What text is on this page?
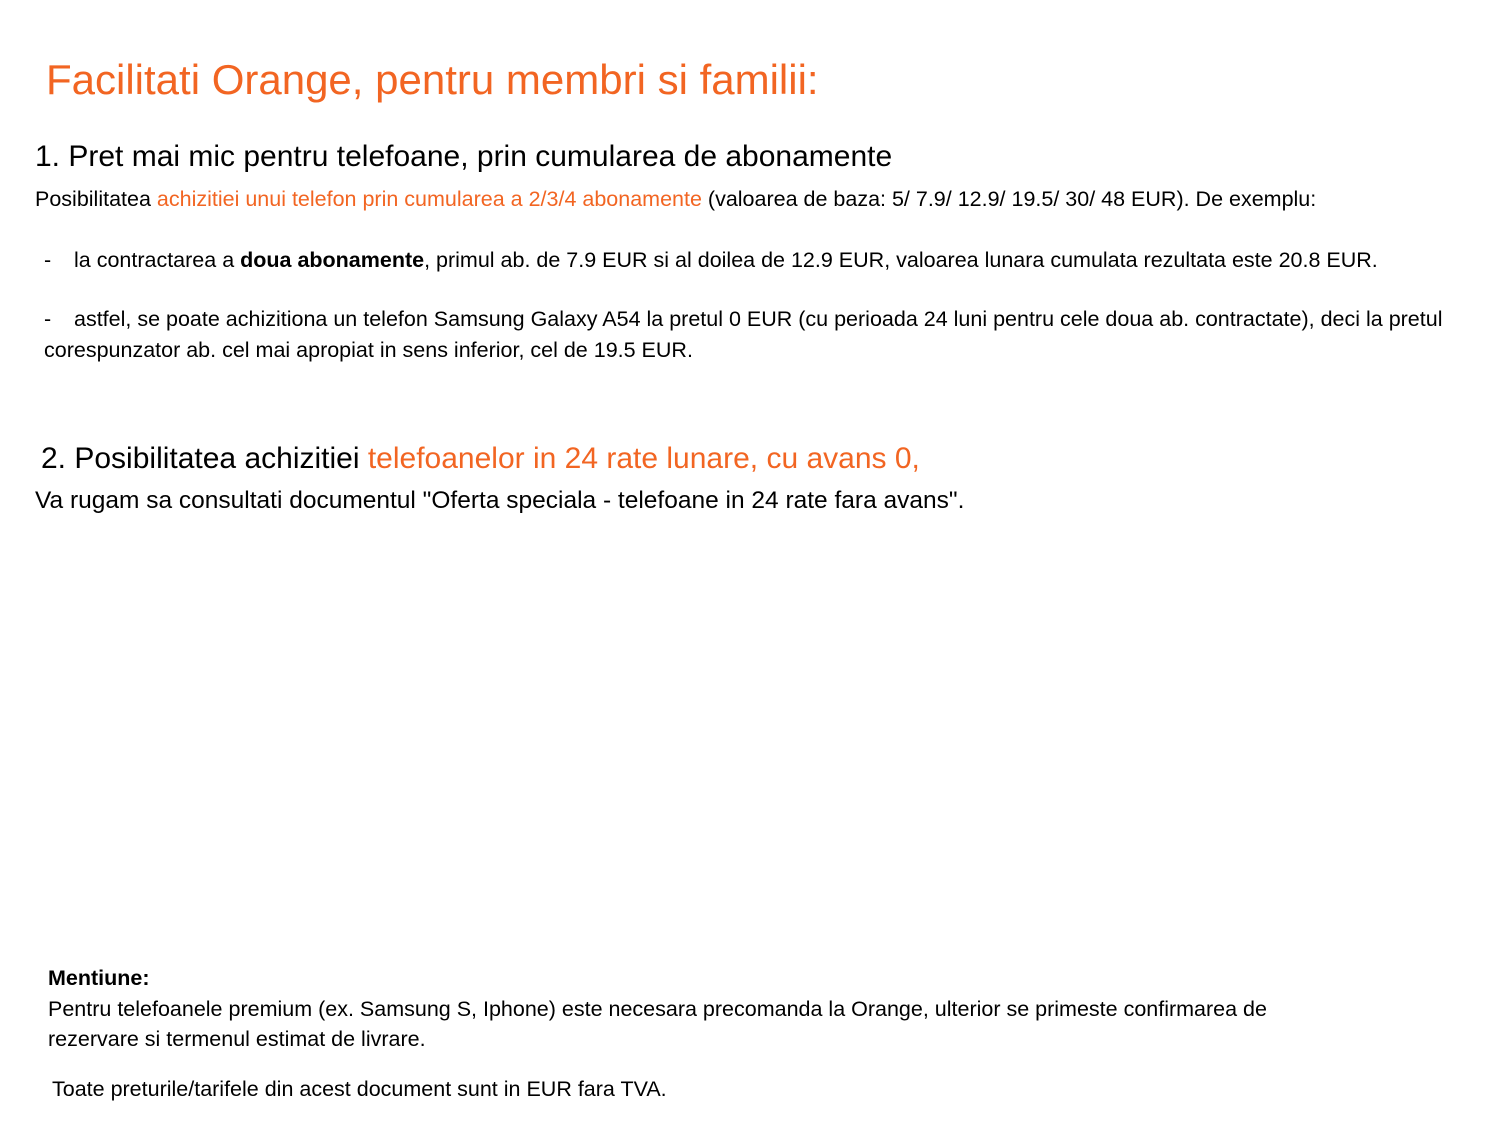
Facilitati Orange, pentru membri si familii:
1. Pret mai mic pentru telefoane, prin cumularea de abonamente
Posibilitatea achizitiei unui telefon prin cumularea a 2/3/4 abonamente (valoarea de baza: 5/ 7.9/ 12.9/ 19.5/ 30/ 48 EUR). De exemplu:
- la contractarea a doua abonamente, primul ab. de 7.9 EUR si al doilea de 12.9 EUR, valoarea lunara cumulata rezultata este 20.8 EUR.
- astfel, se poate achizitiona un telefon Samsung Galaxy A54 la pretul 0 EUR (cu perioada 24 luni pentru cele doua ab. contractate), deci la pretul corespunzator ab. cel mai apropiat in sens inferior, cel de 19.5 EUR.
2. Posibilitatea achizitiei telefoanelor in 24 rate lunare, cu avans 0,
Va rugam sa consultati documentul "Oferta speciala - telefoane in 24 rate fara avans".
Mentiune:
Pentru telefoanele premium (ex. Samsung S, Iphone) este necesara precomanda la Orange, ulterior se primeste confirmarea de rezervare si termenul estimat de livrare.
Toate preturile/tarifele din acest document sunt in EUR fara TVA.
